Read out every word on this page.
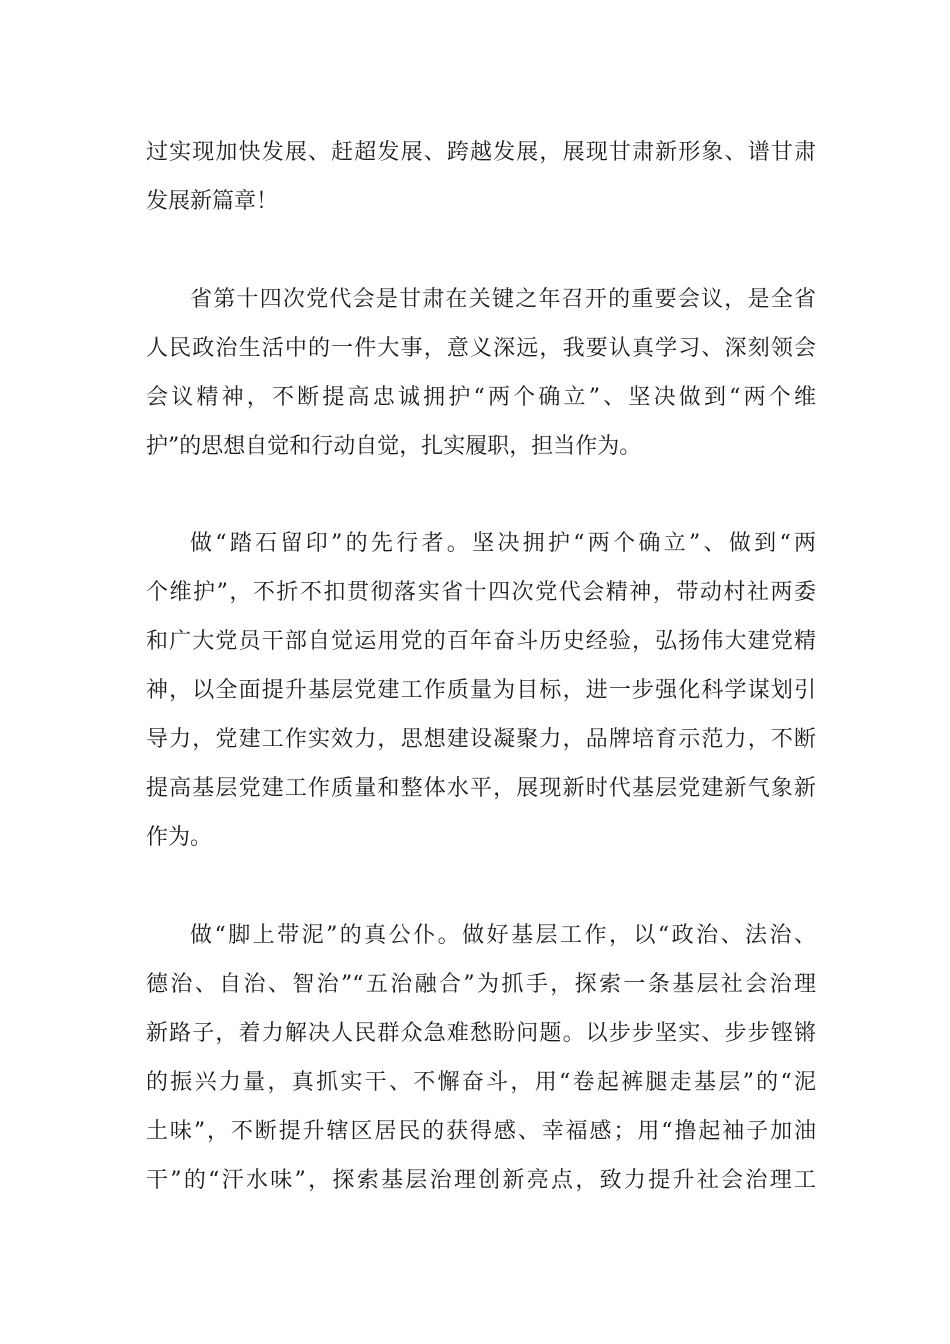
过实现加快发展、赶超发展、跨越发展，展现甘肃新形象、谱甘肃
发展新篇章！
省第十四次党代会是甘肃在关键之年召开的重要会议，是全省
人民政治生活中的一件大事，意义深远，我要认真学习、深刻领会
会议精神，不断提高忠诚拥护“两个确立”、坚决做到“两个维
护”的思想自觉和行动自觉，扎实履职，担当作为。
做“踏石留印”的先行者。坚决拥护“两个确立”、做到“两
个维护”，不折不扣贯彻落实省十四次党代会精神，带动村社两委
和广大党员干部自觉运用党的百年奋斗历史经验，弘扬伟大建党精
神，以全面提升基层党建工作质量为目标，进一步强化科学谋划引
导力，党建工作实效力，思想建设凝聚力，品牌培育示范力，不断
提高基层党建工作质量和整体水平，展现新时代基层党建新气象新
作为。
做“脚上带泥”的真公仆。做好基层工作，以“政治、法治、
德治、自治、智治”“五治融合”为抓手，探索一条基层社会治理
新路子，着力解决人民群众急难愁盼问题。以步步坚实、步步铿锵
的振兴力量，真抓实干、不懈奋斗，用“卷起裤腿走基层”的“泥
土味”，不断提升辖区居民的获得感、幸福感；用“撸起袖子加油
干”的“汗水味”，探索基层治理创新亮点，致力提升社会治理工
